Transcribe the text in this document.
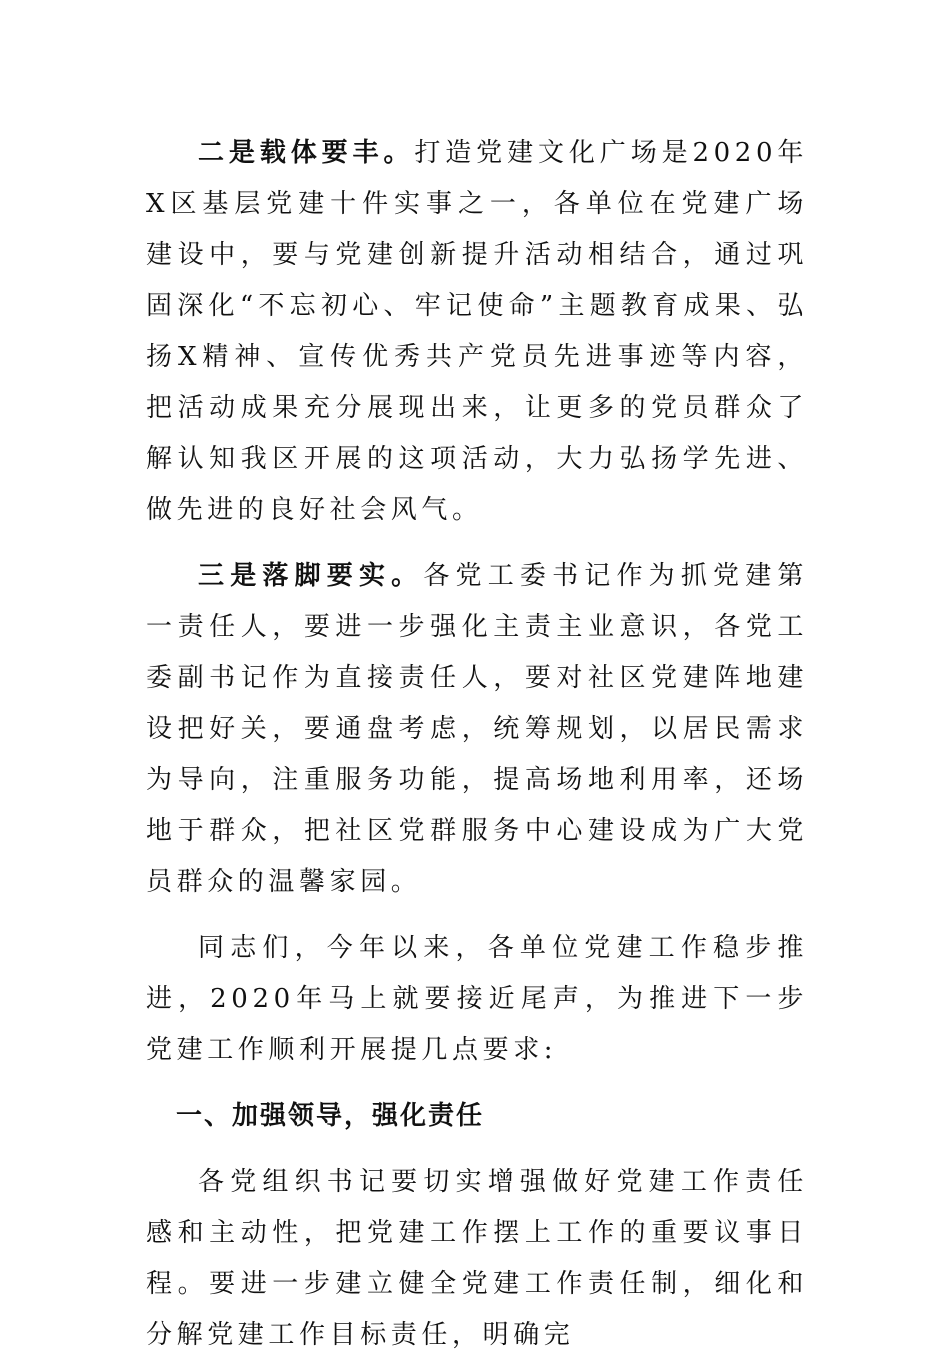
二是载体要丰。打造党建文化广场是2020年X区基层党建十件实事之一，各单位在党建广场建设中，要与党建创新提升活动相结合，通过巩固深化“不忘初心、牢记使命”主题教育成果、弘扬X精神、宣传优秀共产党员先进事迹等内容，把活动成果充分展现出来，让更多的党员群众了解认知我区开展的这项活动，大力弘扬学先进、做先进的良好社会风气。

三是落脚要实。各党工委书记作为抓党建第一责任人，要进一步强化主责主业意识，各党工委副书记作为直接责任人，要对社区党建阵地建设把好关，要通盘考虑，统筹规划，以居民需求为导向，注重服务功能，提高场地利用率，还场地于群众，把社区党群服务中心建设成为广大党员群众的温馨家园。

同志们，今年以来，各单位党建工作稳步推进，2020年马上就要接近尾声，为推进下一步党建工作顺利开展提几点要求:

一、加强领导，强化责任

各党组织书记要切实增强做好党建工作责任感和主动性，把党建工作摆上工作的重要议事日程。要进一步建立健全党建工作责任制，细化和分解党建工作目标责任，明确完
